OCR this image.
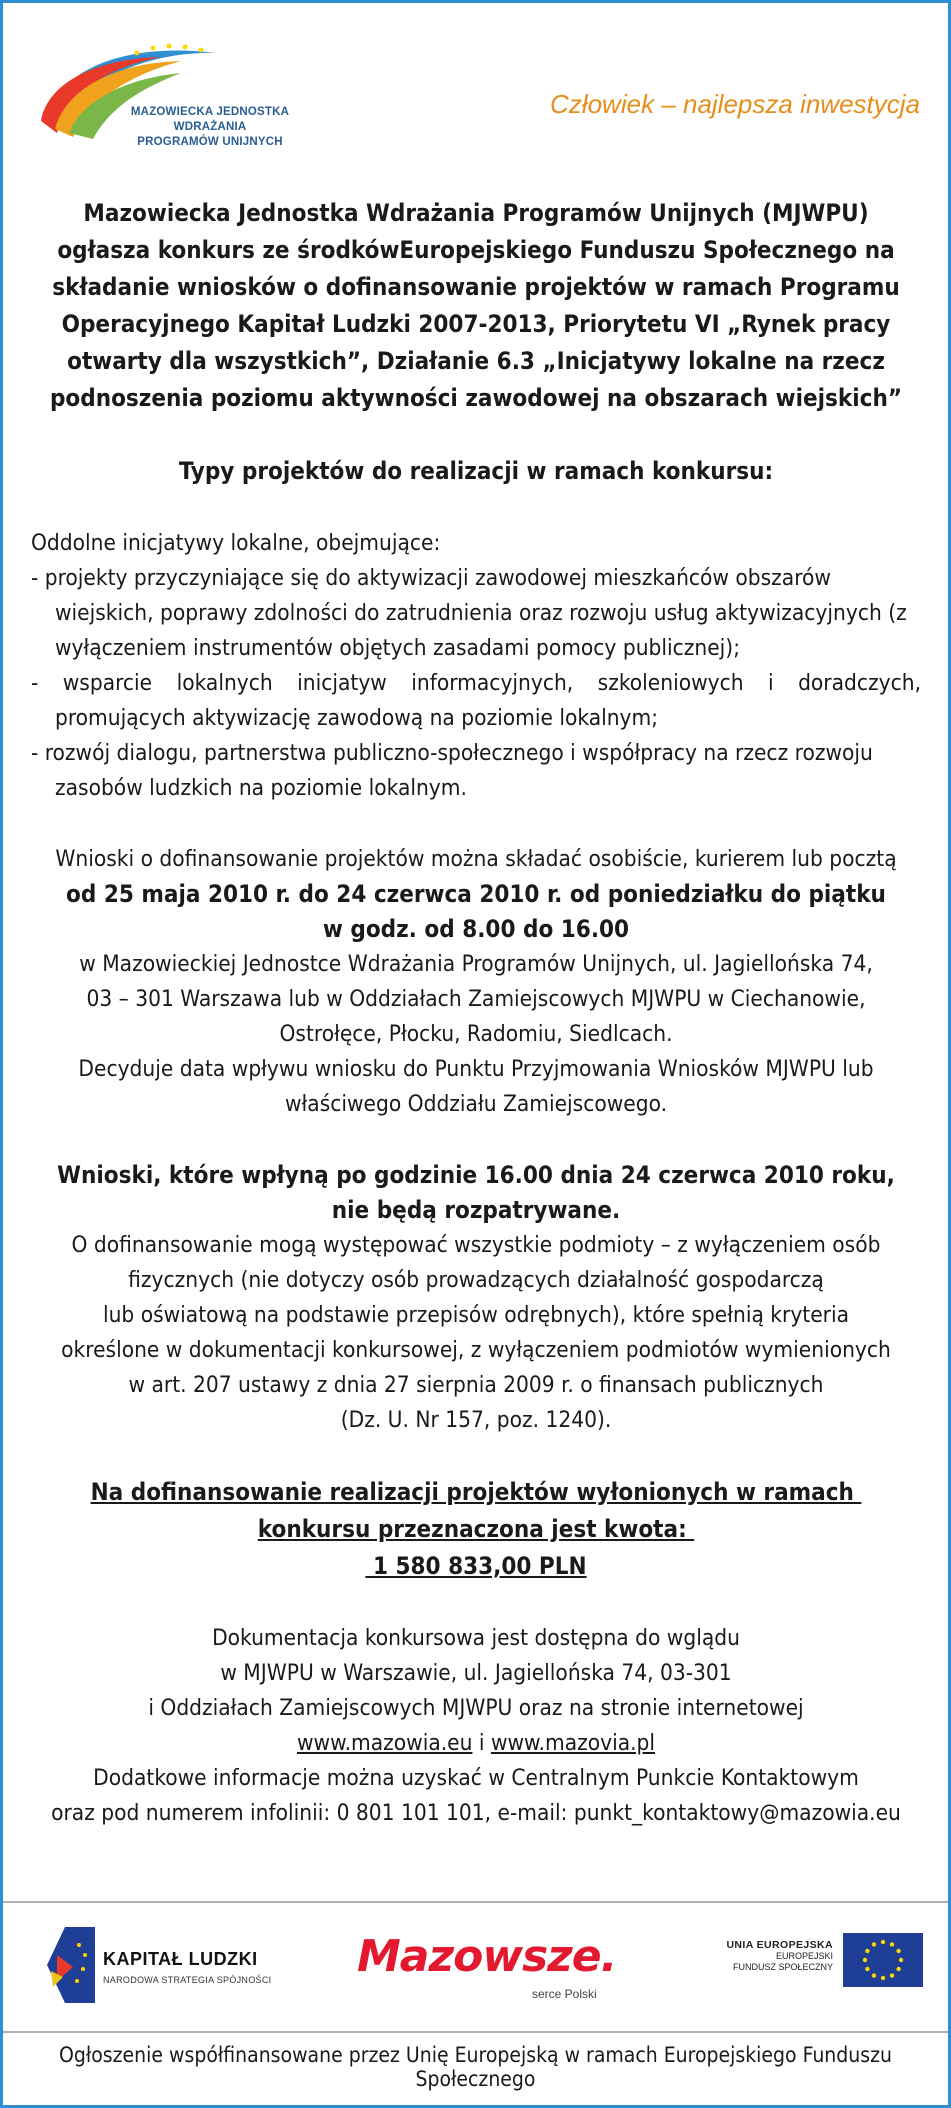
MAZOWIECKA JEDNOSTKA
WDRAŻANIA
PROGRAMÓW UNIJNYCH
Człowiek – najlepsza inwestycja
Mazowiecka Jednostka Wdrażania Programów Unijnych (MJWPU)
ogłasza konkurs ze środkówEuropejskiego Funduszu Społecznego na
składanie wniosków o dofinansowanie projektów w ramach Programu
Operacyjnego Kapitał Ludzki 2007-2013, Priorytetu VI „Rynek pracy
otwarty dla wszystkich”, Działanie 6.3 „Inicjatywy lokalne na rzecz
podnoszenia poziomu aktywności zawodowej na obszarach wiejskich”
Typy projektów do realizacji w ramach konkursu:
Oddolne inicjatywy lokalne, obejmujące:
- projekty przyczyniające się do aktywizacji zawodowej mieszkańców obszarów wiejskich, poprawy zdolności do zatrudnienia oraz rozwoju usług aktywizacyjnych (z wyłączeniem instrumentów objętych zasadami pomocy publicznej);
- wsparcie lokalnych inicjatyw informacyjnych, szkoleniowych i doradczych, promujących aktywizację zawodową na poziomie lokalnym;
- rozwój dialogu, partnerstwa publiczno-społecznego i współpracy na rzecz rozwoju zasobów ludzkich na poziomie lokalnym.
Wnioski o dofinansowanie projektów można składać osobiście, kurierem lub pocztą
od 25 maja 2010 r. do 24 czerwca 2010 r. od poniedziałku do piątku
w godz. od 8.00 do 16.00
w Mazowieckiej Jednostce Wdrażania Programów Unijnych, ul. Jagiellońska 74,
03 – 301 Warszawa lub w Oddziałach Zamiejscowych MJWPU w Ciechanowie,
Ostrołęce, Płocku, Radomiu, Siedlcach.
Decyduje data wpływu wniosku do Punktu Przyjmowania Wniosków MJWPU lub
właściwego Oddziału Zamiejscowego.
Wnioski, które wpłyną po godzinie 16.00 dnia 24 czerwca 2010 roku,
nie będą rozpatrywane.
O dofinansowanie mogą występować wszystkie podmioty – z wyłączeniem osób
fizycznych (nie dotyczy osób prowadzących działalność gospodarczą
lub oświatową na podstawie przepisów odrębnych), które spełnią kryteria
określone w dokumentacji konkursowej, z wyłączeniem podmiotów wymienionych
w art. 207 ustawy z dnia 27 sierpnia 2009 r. o finansach publicznych
(Dz. U. Nr 157, poz. 1240).
Na dofinansowanie realizacji projektów wyłonionych w ramach
konkursu przeznaczona jest kwota:
1 580 833,00 PLN
Dokumentacja konkursowa jest dostępna do wglądu
w MJWPU w Warszawie, ul. Jagiellońska 74, 03-301
i Oddziałach Zamiejscowych MJWPU oraz na stronie internetowej
www.mazowia.eu i www.mazovia.pl
Dodatkowe informacje można uzyskać w Centralnym Punkcie Kontaktowym
oraz pod numerem infolinii: 0 801 101 101, e-mail: punkt_kontaktowy@mazowia.eu
KAPITAŁ LUDZKI
NARODOWA STRATEGIA SPÓJNOŚCI Mazowsze.
serce Polski
UNIA EUROPEJSKA
EUROPEJSKI
FUNDUSZ SPOŁECZNY
Ogłoszenie współfinansowane przez Unię Europejską w ramach Europejskiego Funduszu Społecznego
